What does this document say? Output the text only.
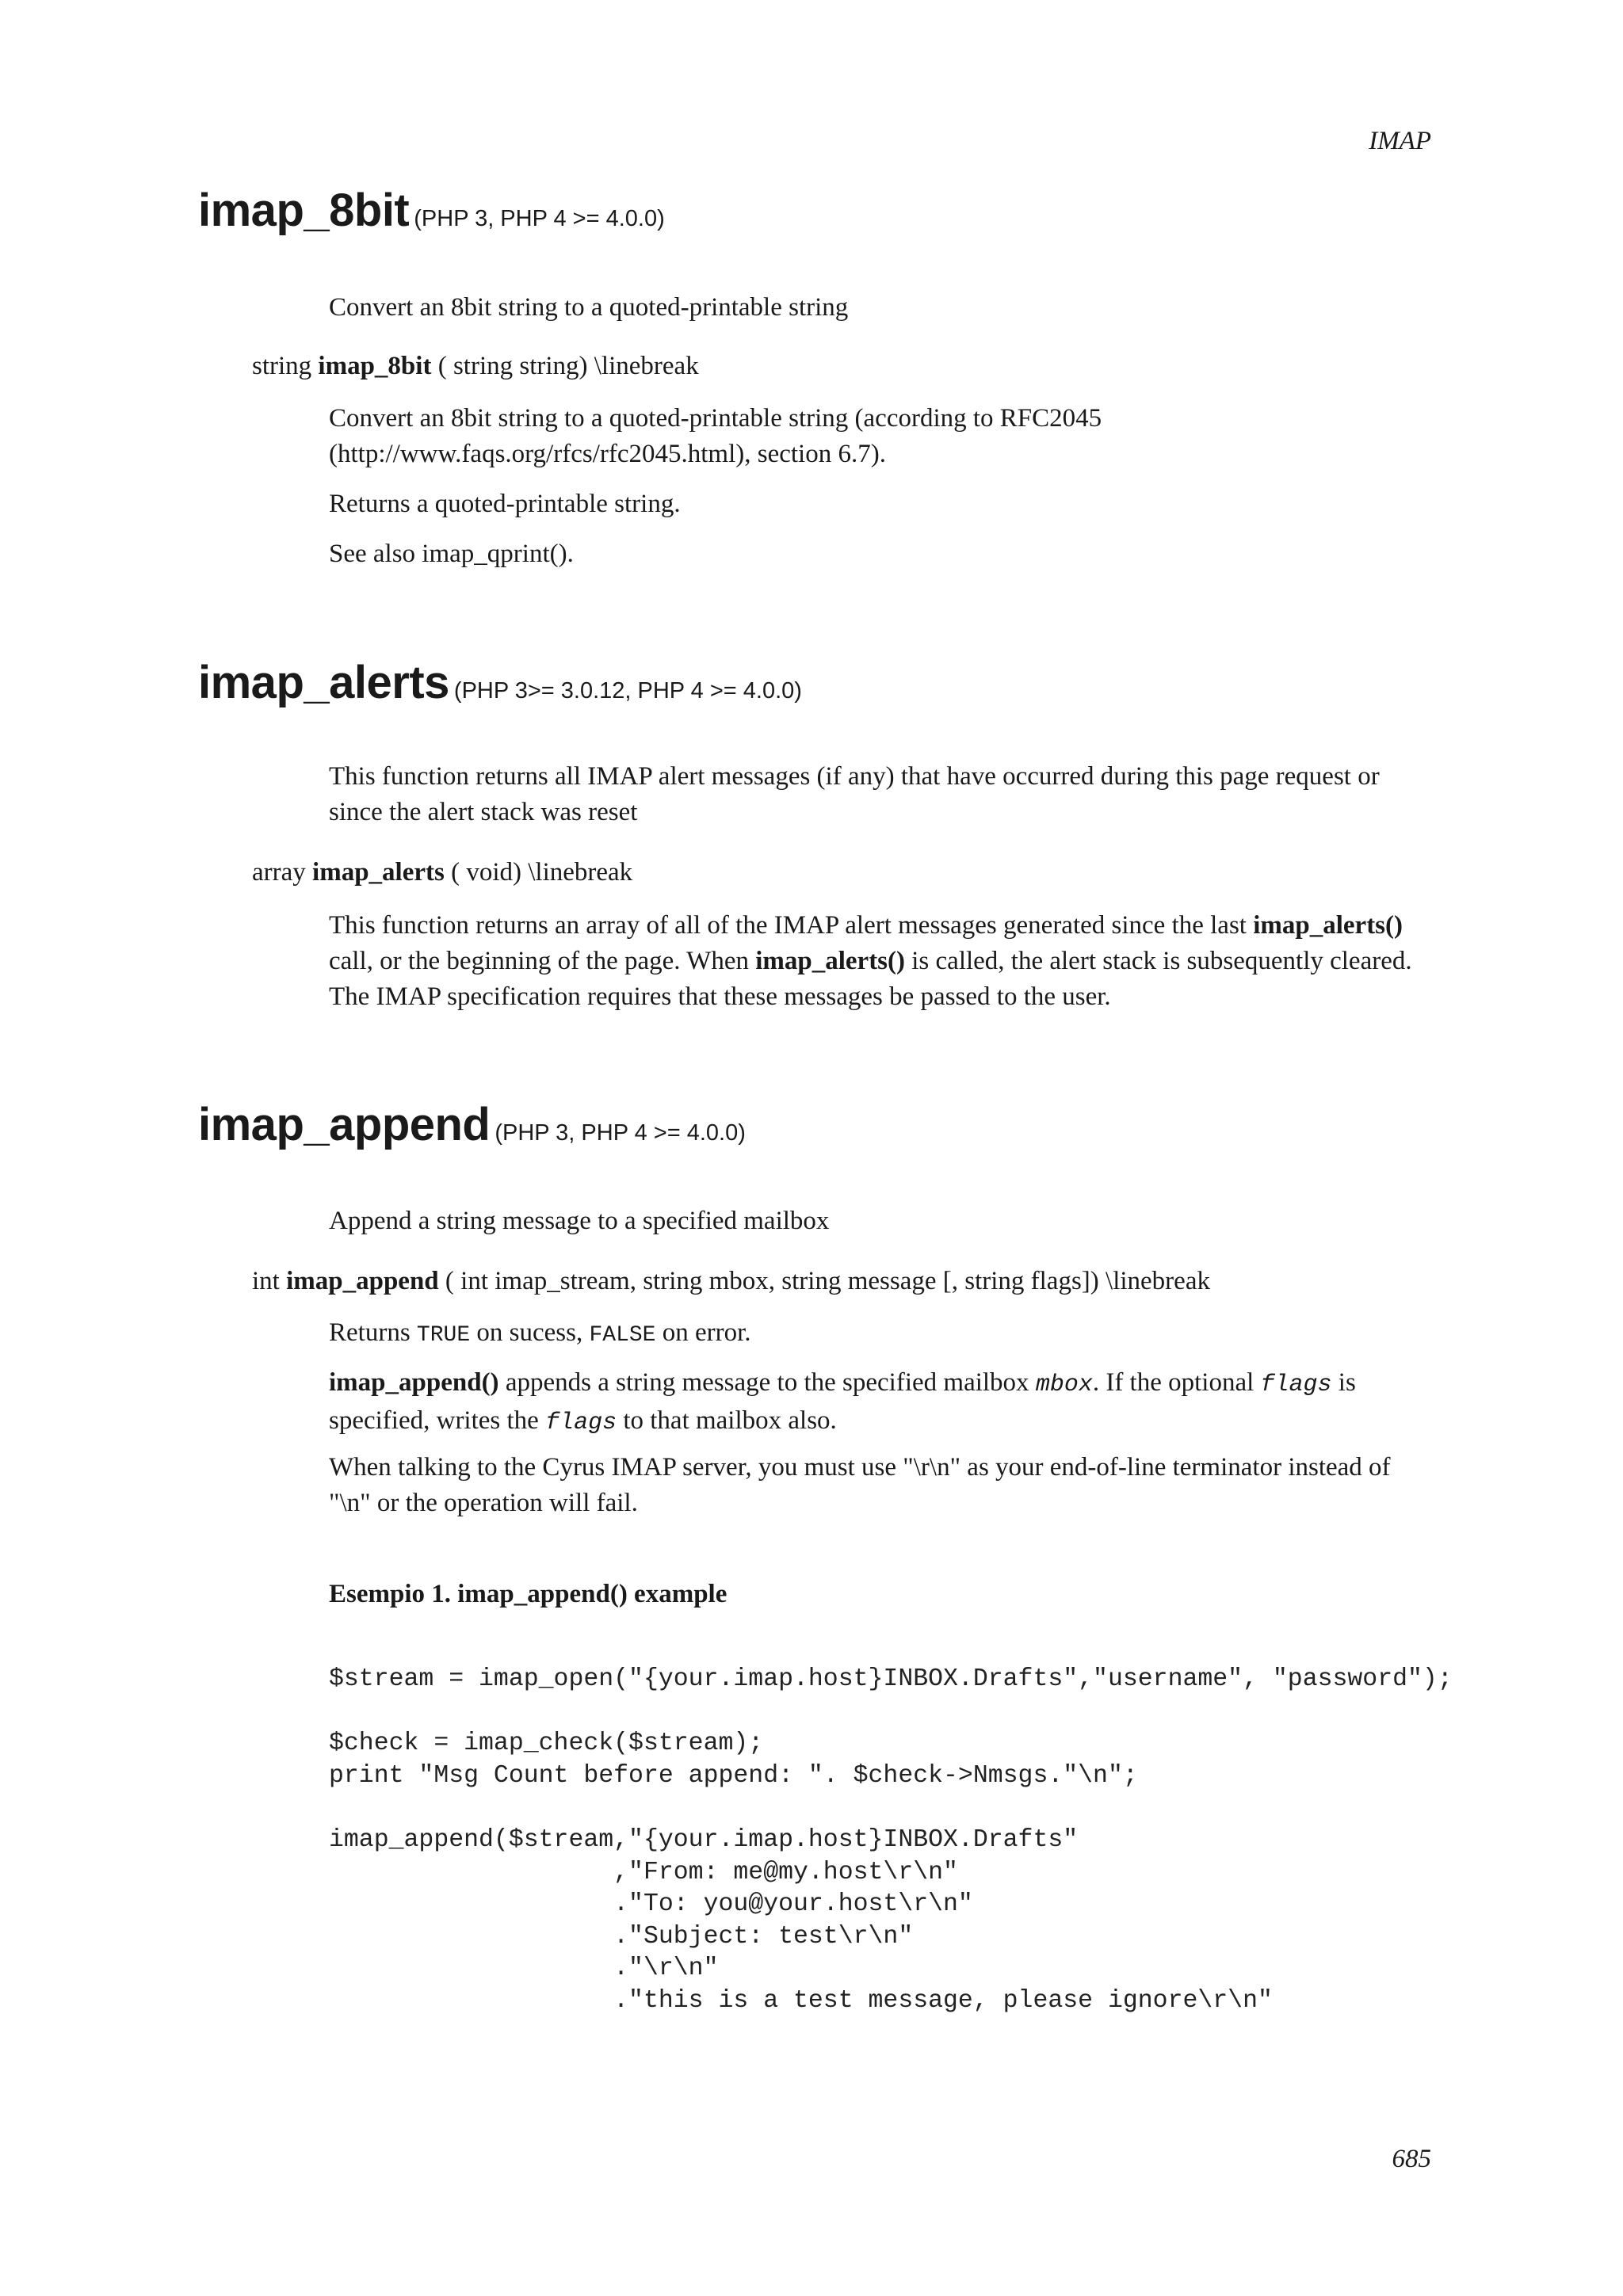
IMAP
imap_8bit (PHP 3, PHP 4 >= 4.0.0)
Convert an 8bit string to a quoted-printable string
string imap_8bit ( string string) \linebreak
Convert an 8bit string to a quoted-printable string (according to RFC2045 (http://www.faqs.org/rfcs/rfc2045.html), section 6.7).
Returns a quoted-printable string.
See also imap_qprint().
imap_alerts (PHP 3>= 3.0.12, PHP 4 >= 4.0.0)
This function returns all IMAP alert messages (if any) that have occurred during this page request or since the alert stack was reset
array imap_alerts ( void) \linebreak
This function returns an array of all of the IMAP alert messages generated since the last imap_alerts() call, or the beginning of the page. When imap_alerts() is called, the alert stack is subsequently cleared. The IMAP specification requires that these messages be passed to the user.
imap_append (PHP 3, PHP 4 >= 4.0.0)
Append a string message to a specified mailbox
int imap_append ( int imap_stream, string mbox, string message [, string flags]) \linebreak
Returns TRUE on sucess, FALSE on error.
imap_append() appends a string message to the specified mailbox mbox. If the optional flags is specified, writes the flags to that mailbox also.
When talking to the Cyrus IMAP server, you must use "\r\n" as your end-of-line terminator instead of "\n" or the operation will fail.
Esempio 1. imap_append() example
$stream = imap_open("{your.imap.host}INBOX.Drafts","username", "password");

$check = imap_check($stream);
print "Msg Count before append: ". $check->Nmsgs."\n";

imap_append($stream,"{your.imap.host}INBOX.Drafts"
,"From: me@my.host\r\n"
."To: you@your.host\r\n"
."Subject: test\r\n"
."\r\n"
."this is a test message, please ignore\r\n"
685
